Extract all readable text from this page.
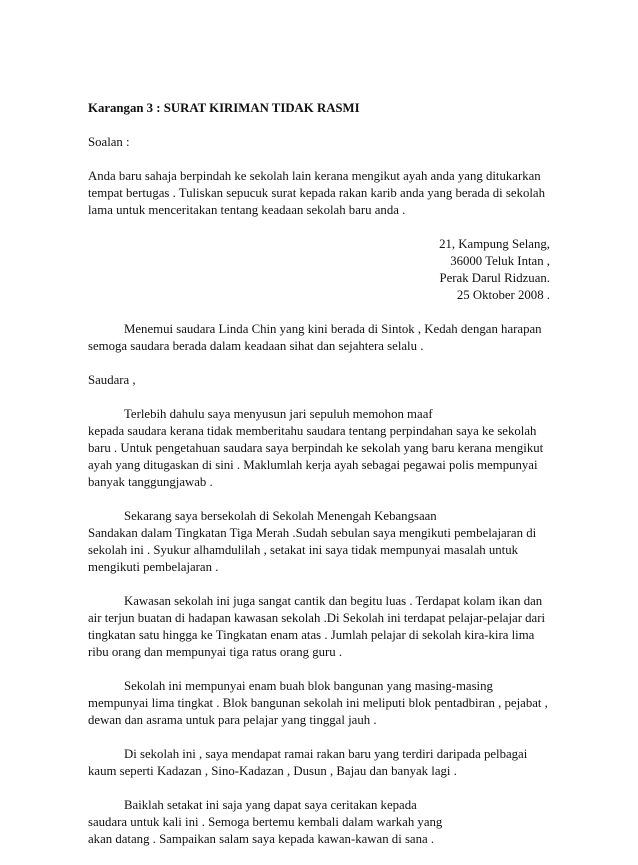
Karangan 3 : SURAT KIRIMAN TIDAK RASMI

Soalan :

Anda baru sahaja berpindah ke sekolah lain kerana mengikut ayah anda yang ditukarkan
tempat bertugas . Tuliskan sepucuk surat kepada rakan karib anda yang berada di sekolah
lama untuk menceritakan tentang keadaan sekolah baru anda .

21, Kampung Selang,
36000 Teluk Intan ,
Perak Darul Ridzuan.
25 Oktober 2008 .

Menemui saudara Linda Chin yang kini berada di Sintok , Kedah dengan harapan
semoga saudara berada dalam keadaan sihat dan sejahtera selalu .

Saudara ,

Terlebih dahulu saya menyusun jari sepuluh memohon maaf
kepada saudara kerana tidak memberitahu saudara tentang perpindahan saya ke sekolah
baru . Untuk pengetahuan saudara saya berpindah ke sekolah yang baru kerana mengikut
ayah yang ditugaskan di sini . Maklumlah kerja ayah sebagai pegawai polis mempunyai
banyak tanggungjawab .

Sekarang saya bersekolah di Sekolah Menengah Kebangsaan
Sandakan dalam Tingkatan Tiga Merah .Sudah sebulan saya mengikuti pembelajaran di
sekolah ini . Syukur alhamdulilah , setakat ini saya tidak mempunyai masalah untuk
mengikuti pembelajaran .

Kawasan sekolah ini juga sangat cantik dan begitu luas . Terdapat kolam ikan dan
air terjun buatan di hadapan kawasan sekolah .Di Sekolah ini terdapat pelajar-pelajar dari
tingkatan satu hingga ke Tingkatan enam atas . Jumlah pelajar di sekolah kira-kira lima
ribu orang dan mempunyai tiga ratus orang guru .

Sekolah ini mempunyai enam buah blok bangunan yang masing-masing
mempunyai lima tingkat . Blok bangunan sekolah ini meliputi blok pentadbiran , pejabat ,
dewan dan asrama untuk para pelajar yang tinggal jauh .

Di sekolah ini , saya mendapat ramai rakan baru yang terdiri daripada pelbagai
kaum seperti Kadazan , Sino-Kadazan , Dusun , Bajau dan banyak lagi .

Baiklah setakat ini saja yang dapat saya ceritakan kepada
saudara untuk kali ini . Semoga bertemu kembali dalam warkah yang
akan datang . Sampaikan salam saya kepada kawan-kawan di sana .
